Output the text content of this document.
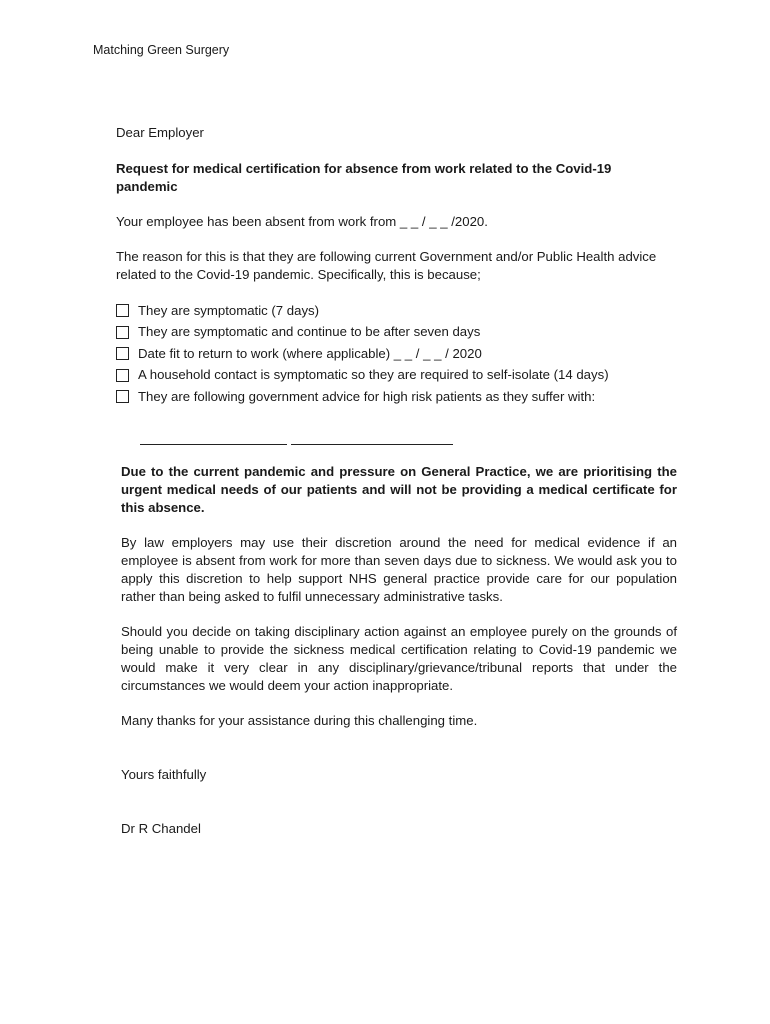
Matching Green Surgery

Dear Employer

Request for medical certification for absence from work related to the Covid-19 pandemic

Your employee has been absent from work from _ _ / _ _ /2020.

The reason for this is that they are following current Government and/or Public Health advice related to the Covid-19 pandemic. Specifically, this is because;

They are symptomatic (7 days)
They are symptomatic and continue to be after seven days
Date fit to return to work (where applicable) _ _ / _ _ / 2020
A household contact is symptomatic so they are required to self-isolate (14 days)
They are following government advice for high risk patients as they suffer with:

Due to the current pandemic and pressure on General Practice, we are prioritising the urgent medical needs of our patients and will not be providing a medical certificate for this absence.

By law employers may use their discretion around the need for medical evidence if an employee is absent from work for more than seven days due to sickness. We would ask you to apply this discretion to help support NHS general practice provide care for our population rather than being asked to fulfil unnecessary administrative tasks.

Should you decide on taking disciplinary action against an employee purely on the grounds of being unable to provide the sickness medical certification relating to Covid-19 pandemic we would make it very clear in any disciplinary/grievance/tribunal reports that under the circumstances we would deem your action inappropriate.

Many thanks for your assistance during this challenging time.

Yours faithfully

Dr R Chandel
